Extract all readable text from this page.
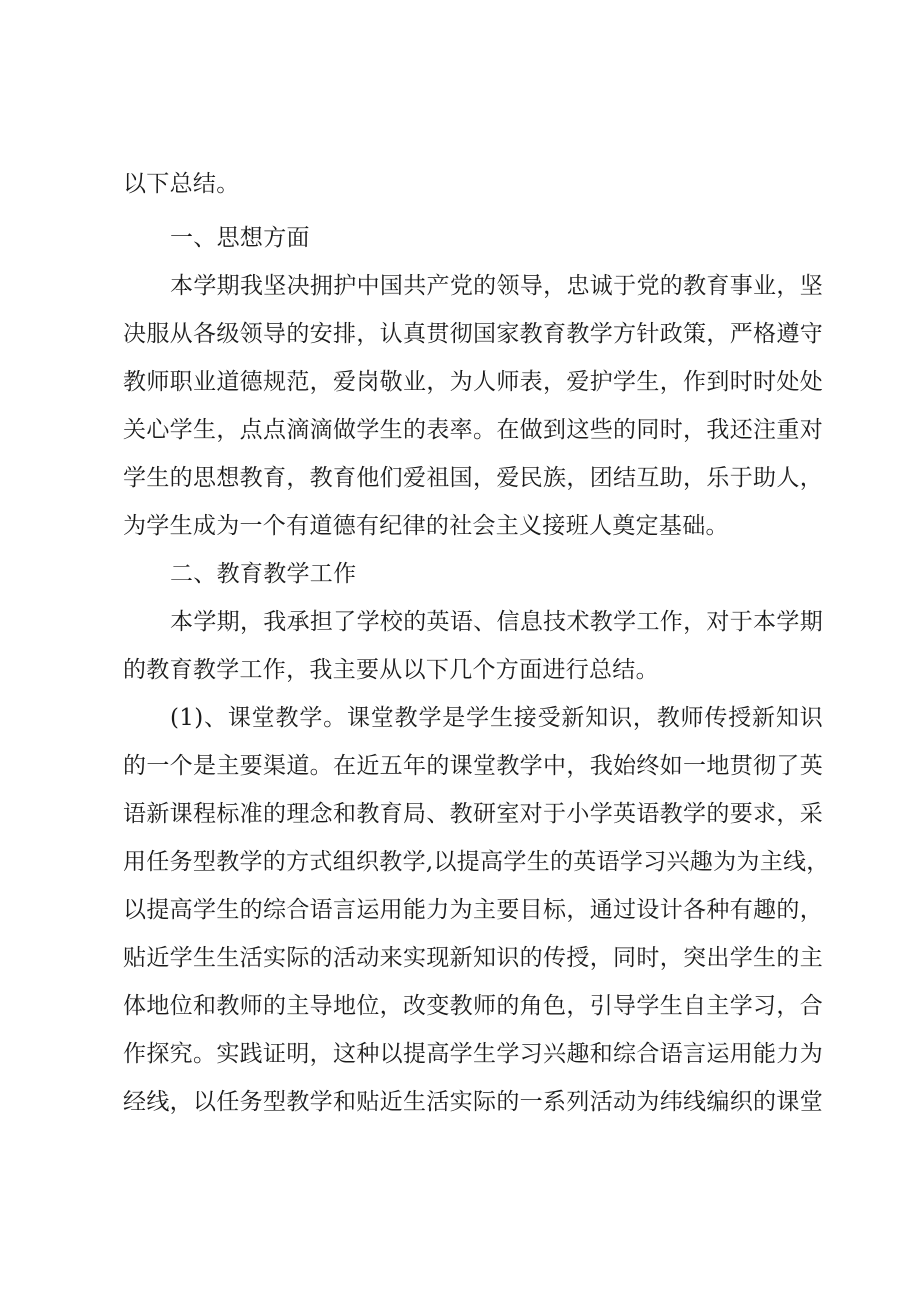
以下总结。
一、思想方面
本学期我坚决拥护中国共产党的领导，忠诚于党的教育事业，坚
决服从各级领导的安排，认真贯彻国家教育教学方针政策，严格遵守
教师职业道德规范，爱岗敬业，为人师表，爱护学生，作到时时处处
关心学生，点点滴滴做学生的表率。在做到这些的同时，我还注重对
学生的思想教育，教育他们爱祖国，爱民族，团结互助，乐于助人，
为学生成为一个有道德有纪律的社会主义接班人奠定基础。
二、教育教学工作
本学期，我承担了学校的英语、信息技术教学工作，对于本学期
的教育教学工作，我主要从以下几个方面进行总结。
(1)、课堂教学。课堂教学是学生接受新知识，教师传授新知识
的一个是主要渠道。在近五年的课堂教学中，我始终如一地贯彻了英
语新课程标准的理念和教育局、教研室对于小学英语教学的要求，采
用任务型教学的方式组织教学,以提高学生的英语学习兴趣为为主线，
以提高学生的综合语言运用能力为主要目标，通过设计各种有趣的，
贴近学生生活实际的活动来实现新知识的传授，同时，突出学生的主
体地位和教师的主导地位，改变教师的角色，引导学生自主学习，合
作探究。实践证明，这种以提高学生学习兴趣和综合语言运用能力为
经线，以任务型教学和贴近生活实际的一系列活动为纬线编织的课堂
